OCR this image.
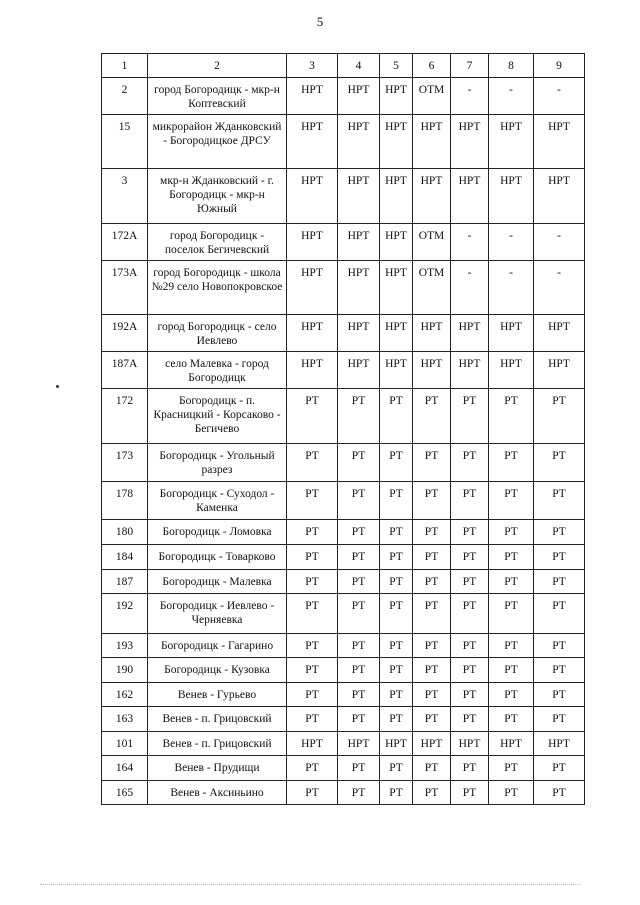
5
1	2	3	4	5	6	7	8	9
2	город Богородицк - мкр-н Коптевский	НРТ	НРТ	НРТ	ОТМ	-	-	-
15	микрорайон Жданковский - Богородицкое ДРСУ	НРТ	НРТ	НРТ	НРТ	НРТ	НРТ	НРТ
3	мкр-н Жданковский - г. Богородицк - мкр-н Южный	НРТ	НРТ	НРТ	НРТ	НРТ	НРТ	НРТ
172А	город Богородицк - поселок Бегичевский	НРТ	НРТ	НРТ	ОТМ	-	-	-
173А	город Богородицк - школа №29 село Новопокровское	НРТ	НРТ	НРТ	ОТМ	-	-	-
192А	город Богородицк - село Иевлево	НРТ	НРТ	НРТ	НРТ	НРТ	НРТ	НРТ
187А	село Малевка - город Богородицк	НРТ	НРТ	НРТ	НРТ	НРТ	НРТ	НРТ
172	Богородицк - п. Красницкий - Корсаково - Бегичево	РТ	РТ	РТ	РТ	РТ	РТ	РТ
173	Богородицк - Угольный разрез	РТ	РТ	РТ	РТ	РТ	РТ	РТ
178	Богородицк - Суходол - Каменка	РТ	РТ	РТ	РТ	РТ	РТ	РТ
180	Богородицк - Ломовка	РТ	РТ	РТ	РТ	РТ	РТ	РТ
184	Богородицк - Товарково	РТ	РТ	РТ	РТ	РТ	РТ	РТ
187	Богородицк - Малевка	РТ	РТ	РТ	РТ	РТ	РТ	РТ
192	Богородицк - Иевлево - Черняевка	РТ	РТ	РТ	РТ	РТ	РТ	РТ
193	Богородицк - Гагарино	РТ	РТ	РТ	РТ	РТ	РТ	РТ
190	Богородицк - Кузовка	РТ	РТ	РТ	РТ	РТ	РТ	РТ
162	Венев - Гурьево	РТ	РТ	РТ	РТ	РТ	РТ	РТ
163	Венев - п. Грицовский	РТ	РТ	РТ	РТ	РТ	РТ	РТ
101	Венев - п. Грицовский	НРТ	НРТ	НРТ	НРТ	НРТ	НРТ	НРТ
164	Венев - Прудищи	РТ	РТ	РТ	РТ	РТ	РТ	РТ
165	Венев - Аксиньино	РТ	РТ	РТ	РТ	РТ	РТ	РТ
